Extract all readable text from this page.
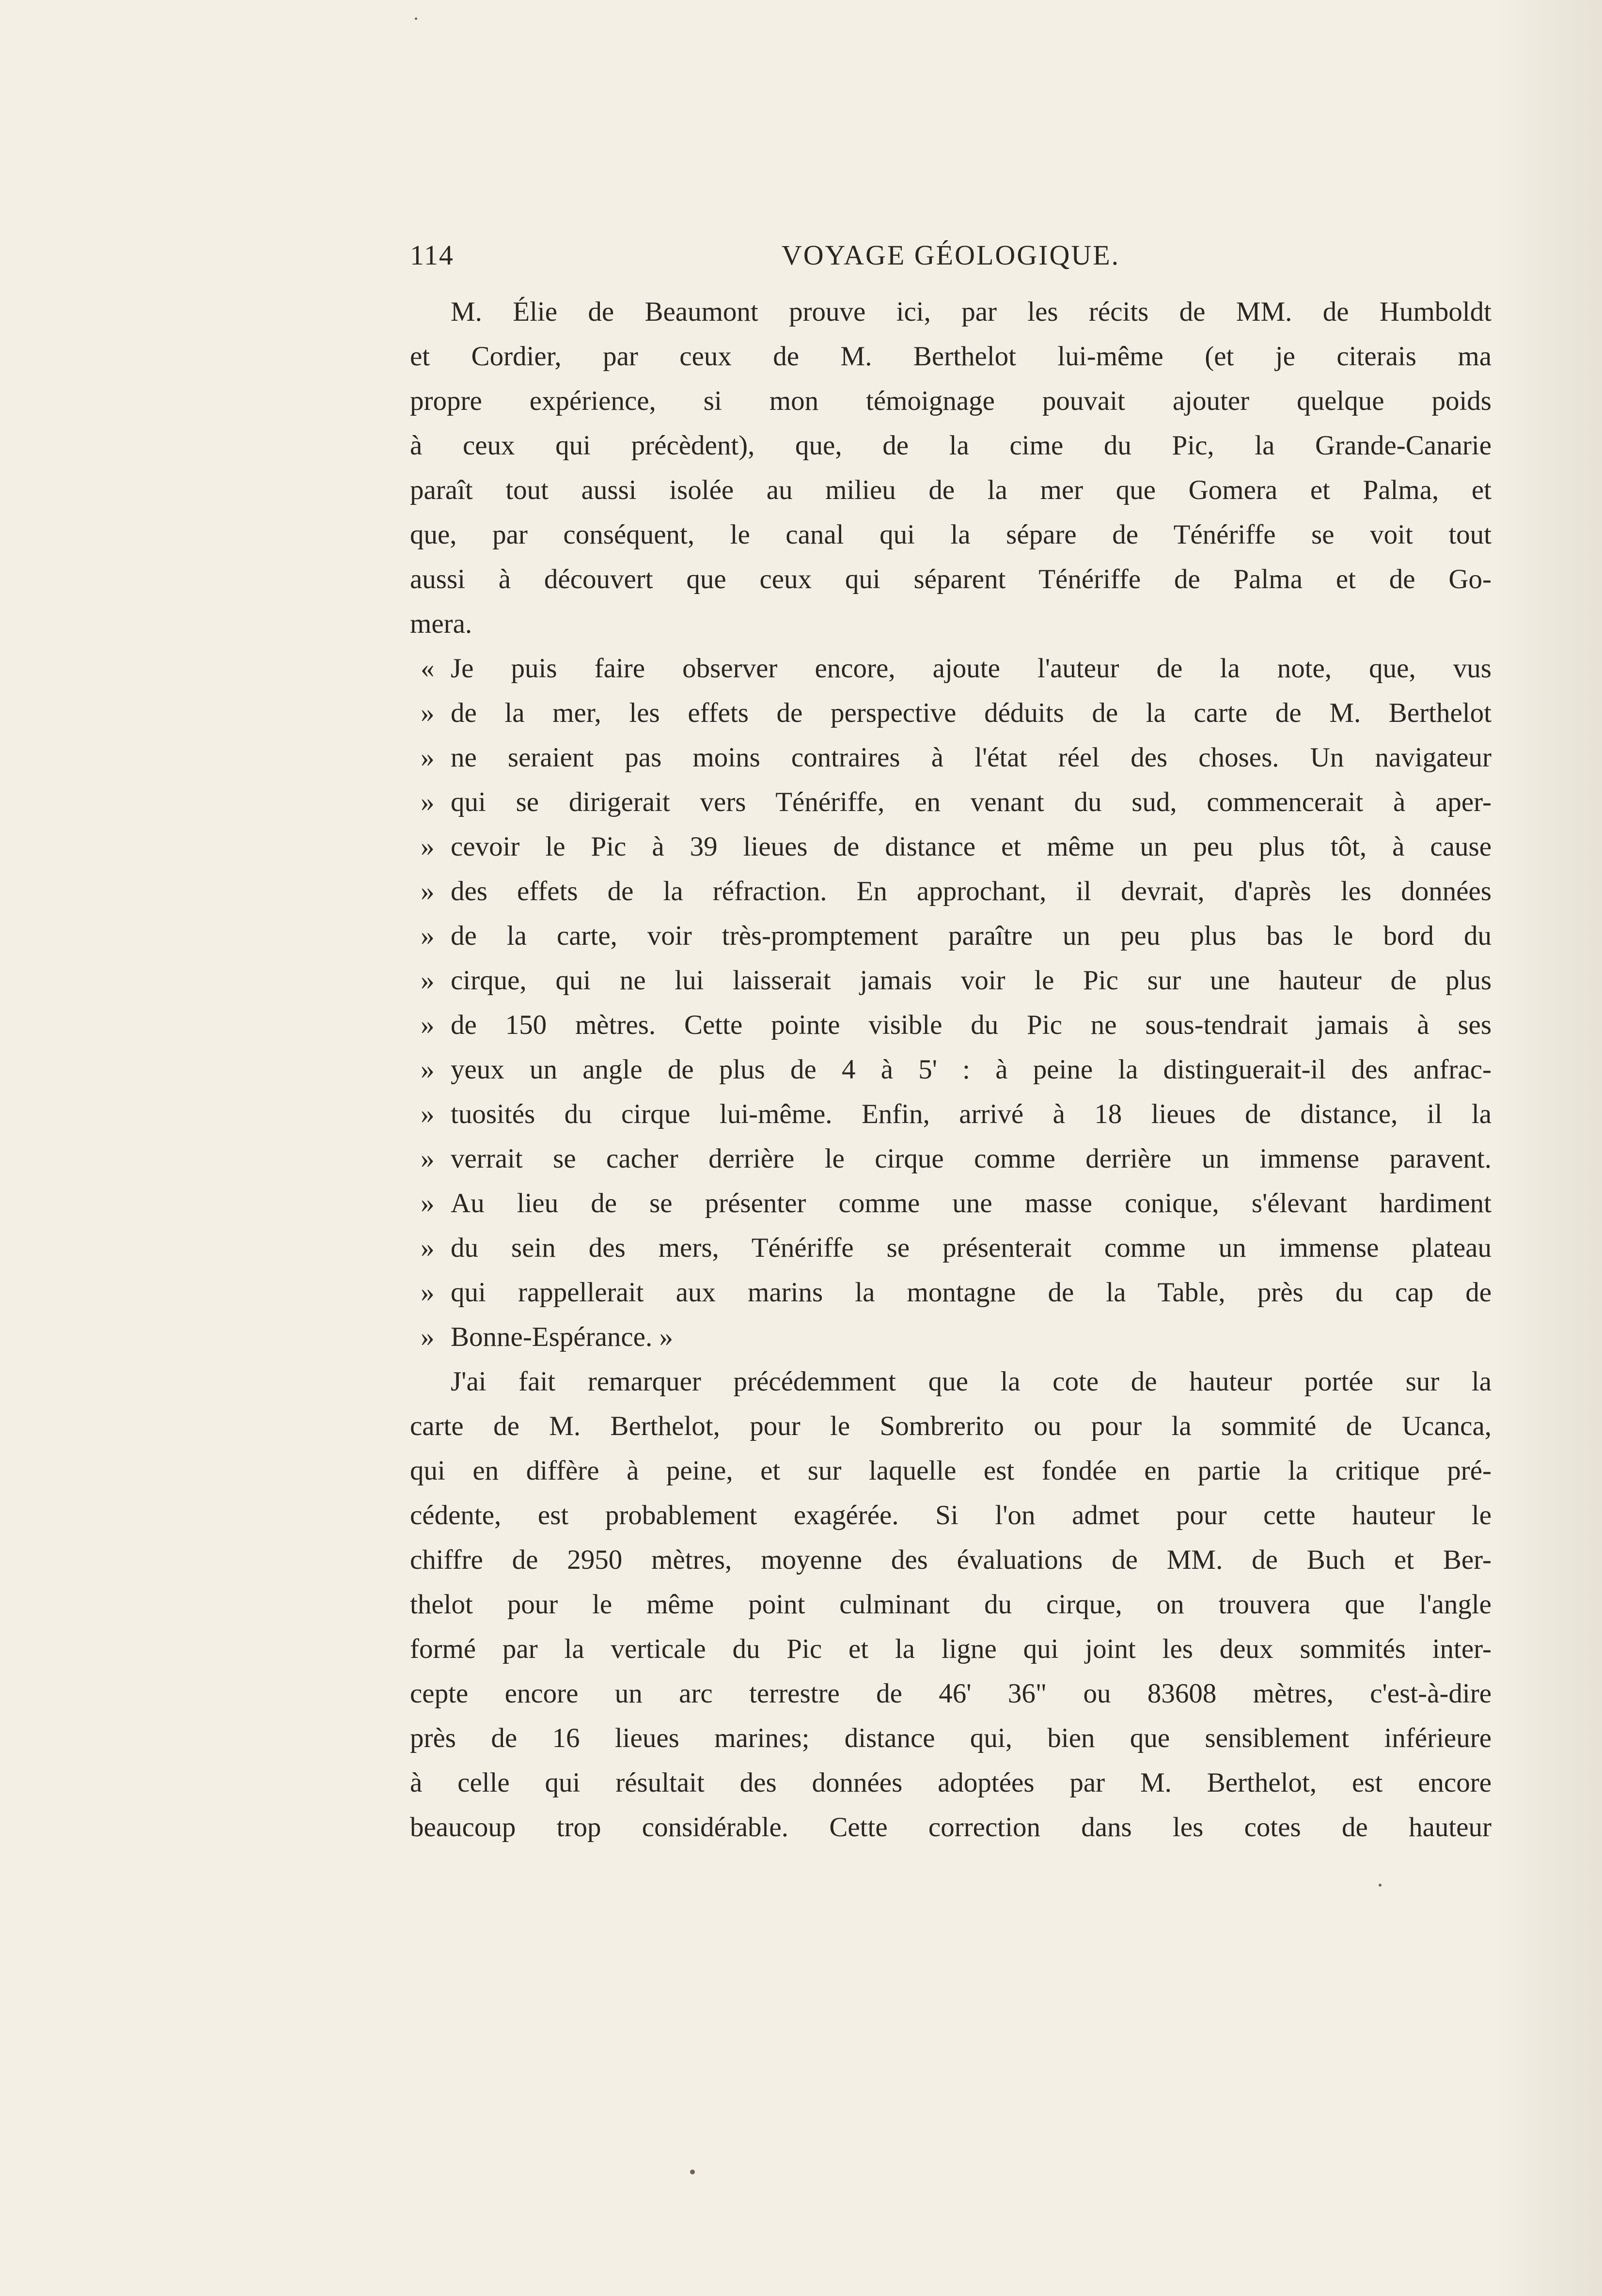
114	VOYAGE GÉOLOGIQUE.
M. Élie de Beaumont prouve ici, par les récits de MM. de Humboldt
et Cordier, par ceux de M. Berthelot lui-même (et je citerais ma
propre expérience, si mon témoignage pouvait ajouter quelque poids
à ceux qui précèdent), que, de la cime du Pic, la Grande-Canarie
paraît tout aussi isolée au milieu de la mer que Gomera et Palma, et
que, par conséquent, le canal qui la sépare de Ténériffe se voit tout
aussi à découvert que ceux qui séparent Ténériffe de Palma et de Go-
mera.
« Je puis faire observer encore, ajoute l'auteur de la note, que, vus
» de la mer, les effets de perspective déduits de la carte de M. Berthelot
» ne seraient pas moins contraires à l'état réel des choses. Un navigateur
» qui se dirigerait vers Ténériffe, en venant du sud, commencerait à aper-
» cevoir le Pic à 39 lieues de distance et même un peu plus tôt, à cause
» des effets de la réfraction. En approchant, il devrait, d'après les données
» de la carte, voir très-promptement paraître un peu plus bas le bord du
» cirque, qui ne lui laisserait jamais voir le Pic sur une hauteur de plus
» de 150 mètres. Cette pointe visible du Pic ne sous-tendrait jamais à ses
» yeux un angle de plus de 4 à 5' : à peine la distinguerait-il des anfrac-
» tuosités du cirque lui-même. Enfin, arrivé à 18 lieues de distance, il la
» verrait se cacher derrière le cirque comme derrière un immense paravent.
» Au lieu de se présenter comme une masse conique, s'élevant hardiment
» du sein des mers, Ténériffe se présenterait comme un immense plateau
» qui rappellerait aux marins la montagne de la Table, près du cap de
» Bonne-Espérance. »
J'ai fait remarquer précédemment que la cote de hauteur portée sur la
carte de M. Berthelot, pour le Sombrerito ou pour la sommité de Ucanca,
qui en diffère à peine, et sur laquelle est fondée en partie la critique pré-
cédente, est probablement exagérée. Si l'on admet pour cette hauteur le
chiffre de 2950 mètres, moyenne des évaluations de MM. de Buch et Ber-
thelot pour le même point culminant du cirque, on trouvera que l'angle
formé par la verticale du Pic et la ligne qui joint les deux sommités inter-
cepte encore un arc terrestre de 46' 36" ou 83608 mètres, c'est-à-dire
près de 16 lieues marines; distance qui, bien que sensiblement inférieure
à celle qui résultait des données adoptées par M. Berthelot, est encore
beaucoup trop considérable. Cette correction dans les cotes de hauteur
